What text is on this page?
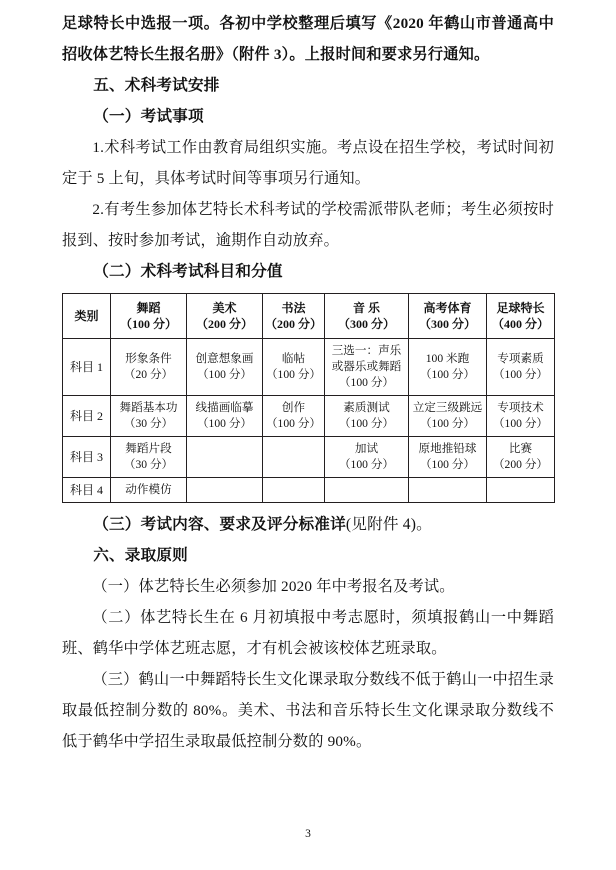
足球特长中选报一项。各初中学校整理后填写《2020 年鹤山市普通高中招收体艺特长生报名册》（附件 3）。上报时间和要求另行通知。

五、术科考试安排

（一）考试事项

1.术科考试工作由教育局组织实施。考点设在招生学校，考试时间初定于 5 上旬，具体考试时间等事项另行通知。

2.有考生参加体艺特长术科考试的学校需派带队老师；考生必须按时报到、按时参加考试，逾期作自动放弃。

（二）术科考试科目和分值

类别	舞蹈
（100 分）	美术
（200 分）	书法
（200 分）	音 乐
（300 分）	高考体育
（300 分）	足球特长
（400 分）

科目 1	形象条件
（20 分）	创意想象画
（100 分）	临帖
（100 分）	三选一：声乐
或器乐或舞蹈
（100 分）	100 米跑
（100 分）	专项素质
（100 分）

科目 2	舞蹈基本功
（30 分）	线描画临摹
（100 分）	创作
（100 分）	素质测试
（100 分）	立定三级跳远
（100 分）	专项技术
（100 分）

科目 3	舞蹈片段
（30 分）			加试
（100 分）	原地推铅球
（100 分）	比赛
（200 分）

科目 4	动作模仿					

（三）考试内容、要求及评分标准详(见附件 4)。

六、录取原则

（一）体艺特长生必须参加 2020 年中考报名及考试。

（二）体艺特长生在 6 月初填报中考志愿时，须填报鹤山一中舞蹈班、鹤华中学体艺班志愿，才有机会被该校体艺班录取。

（三）鹤山一中舞蹈特长生文化课录取分数线不低于鹤山一中招生录取最低控制分数的 80%。美术、书法和音乐特长生文化课录取分数线不低于鹤华中学招生录取最低控制分数的 90%。

3
